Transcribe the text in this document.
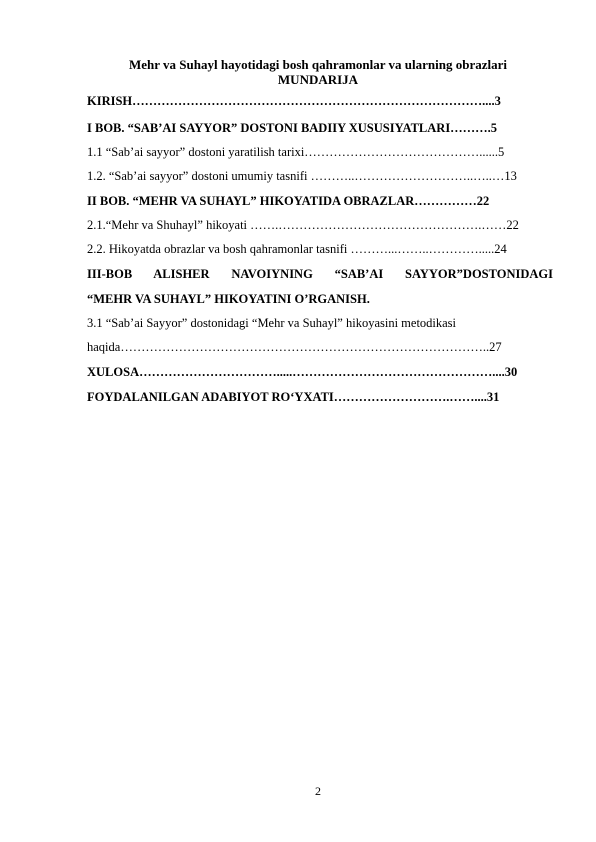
Mehr va Suhayl hayotidagi bosh qahramonlar va ularning obrazlari

MUNDARIJA

KIRISH…………………………………………………………………………....3
I BOB. “SAB’AI SAYYOR” DOSTONI BADIIY XUSUSIYATLARI……….5
1.1 “Sab’ai sayyor” dostoni yaratilish tarixi……………………………………......5
1.2. “Sab’ai sayyor” dostoni umumiy tasnifi ………..………………………..…..…13
II BOB. “MEHR VA SUHAYL” HIKOYATIDA OBRAZLAR……………22
2.1.“Mehr va Shuhayl” hikoyati …….………………………………………….……22
2.2. Hikoyatda obrazlar va bosh qahramonlar tasnifi ………...……..………….....24
III-BOB ALISHER NAVOIYNING “SAB’AI SAYYOR”DOSTONIDAGI
“MEHR VA SUHAYL” HIKOYATINI O’RGANISH.
3.1 “Sab’ai Sayyor” dostonidagi “Mehr va Suhayl” hikoyasini metodikasi
haqida……………………………………………………………………………..27
XULOSA…………………………….....…………………………………………....30
FOYDALANILGAN ADABIYOT RO‘YXATI……………………….……....31
2
